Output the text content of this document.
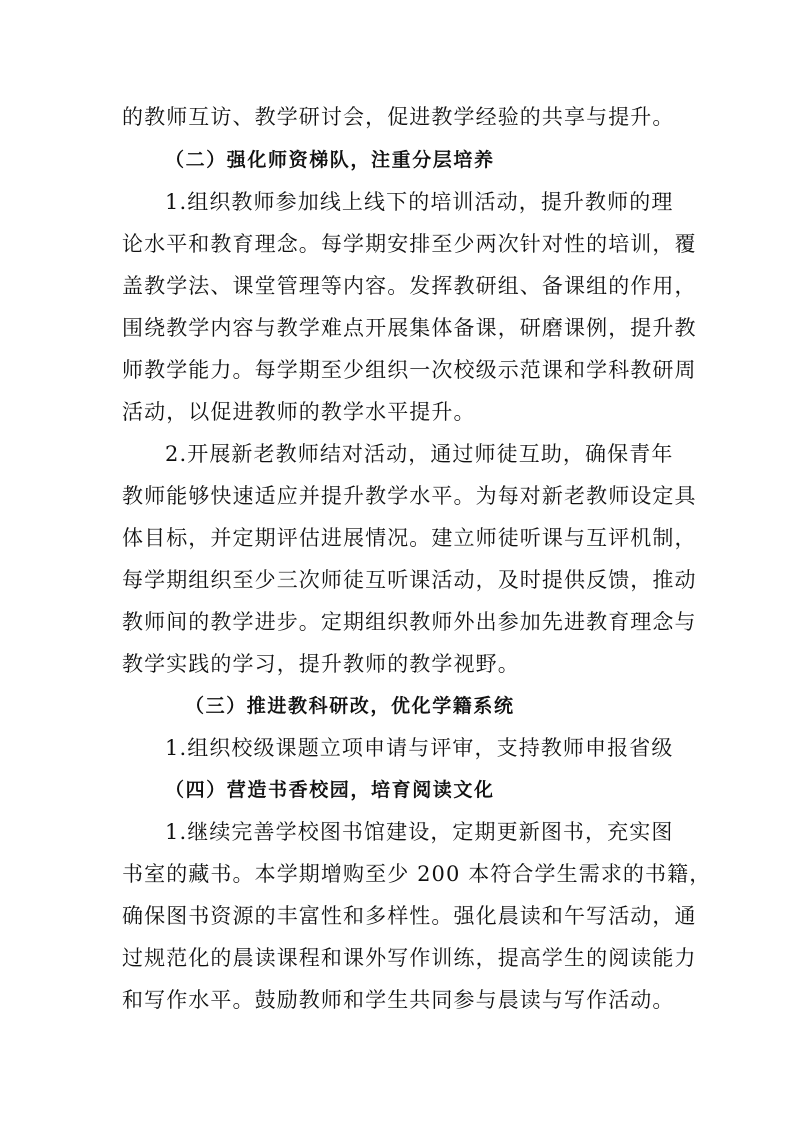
的教师互访、教学研讨会，促进教学经验的共享与提升。
（二）强化师资梯队，注重分层培养
1.组织教师参加线上线下的培训活动，提升教师的理
论水平和教育理念。每学期安排至少两次针对性的培训，覆
盖教学法、课堂管理等内容。发挥教研组、备课组的作用，
围绕教学内容与教学难点开展集体备课，研磨课例，提升教
师教学能力。每学期至少组织一次校级示范课和学科教研周
活动，以促进教师的教学水平提升。
2.开展新老教师结对活动，通过师徒互助，确保青年
教师能够快速适应并提升教学水平。为每对新老教师设定具
体目标，并定期评估进展情况。建立师徒听课与互评机制，
每学期组织至少三次师徒互听课活动，及时提供反馈，推动
教师间的教学进步。定期组织教师外出参加先进教育理念与
教学实践的学习，提升教师的教学视野。
（三）推进教科研改，优化学籍系统
1.组织校级课题立项申请与评审，支持教师申报省级
（四）营造书香校园，培育阅读文化
1.继续完善学校图书馆建设，定期更新图书，充实图
书室的藏书。本学期增购至少 200 本符合学生需求的书籍，
确保图书资源的丰富性和多样性。强化晨读和午写活动，通
过规范化的晨读课程和课外写作训练，提高学生的阅读能力
和写作水平。鼓励教师和学生共同参与晨读与写作活动。
